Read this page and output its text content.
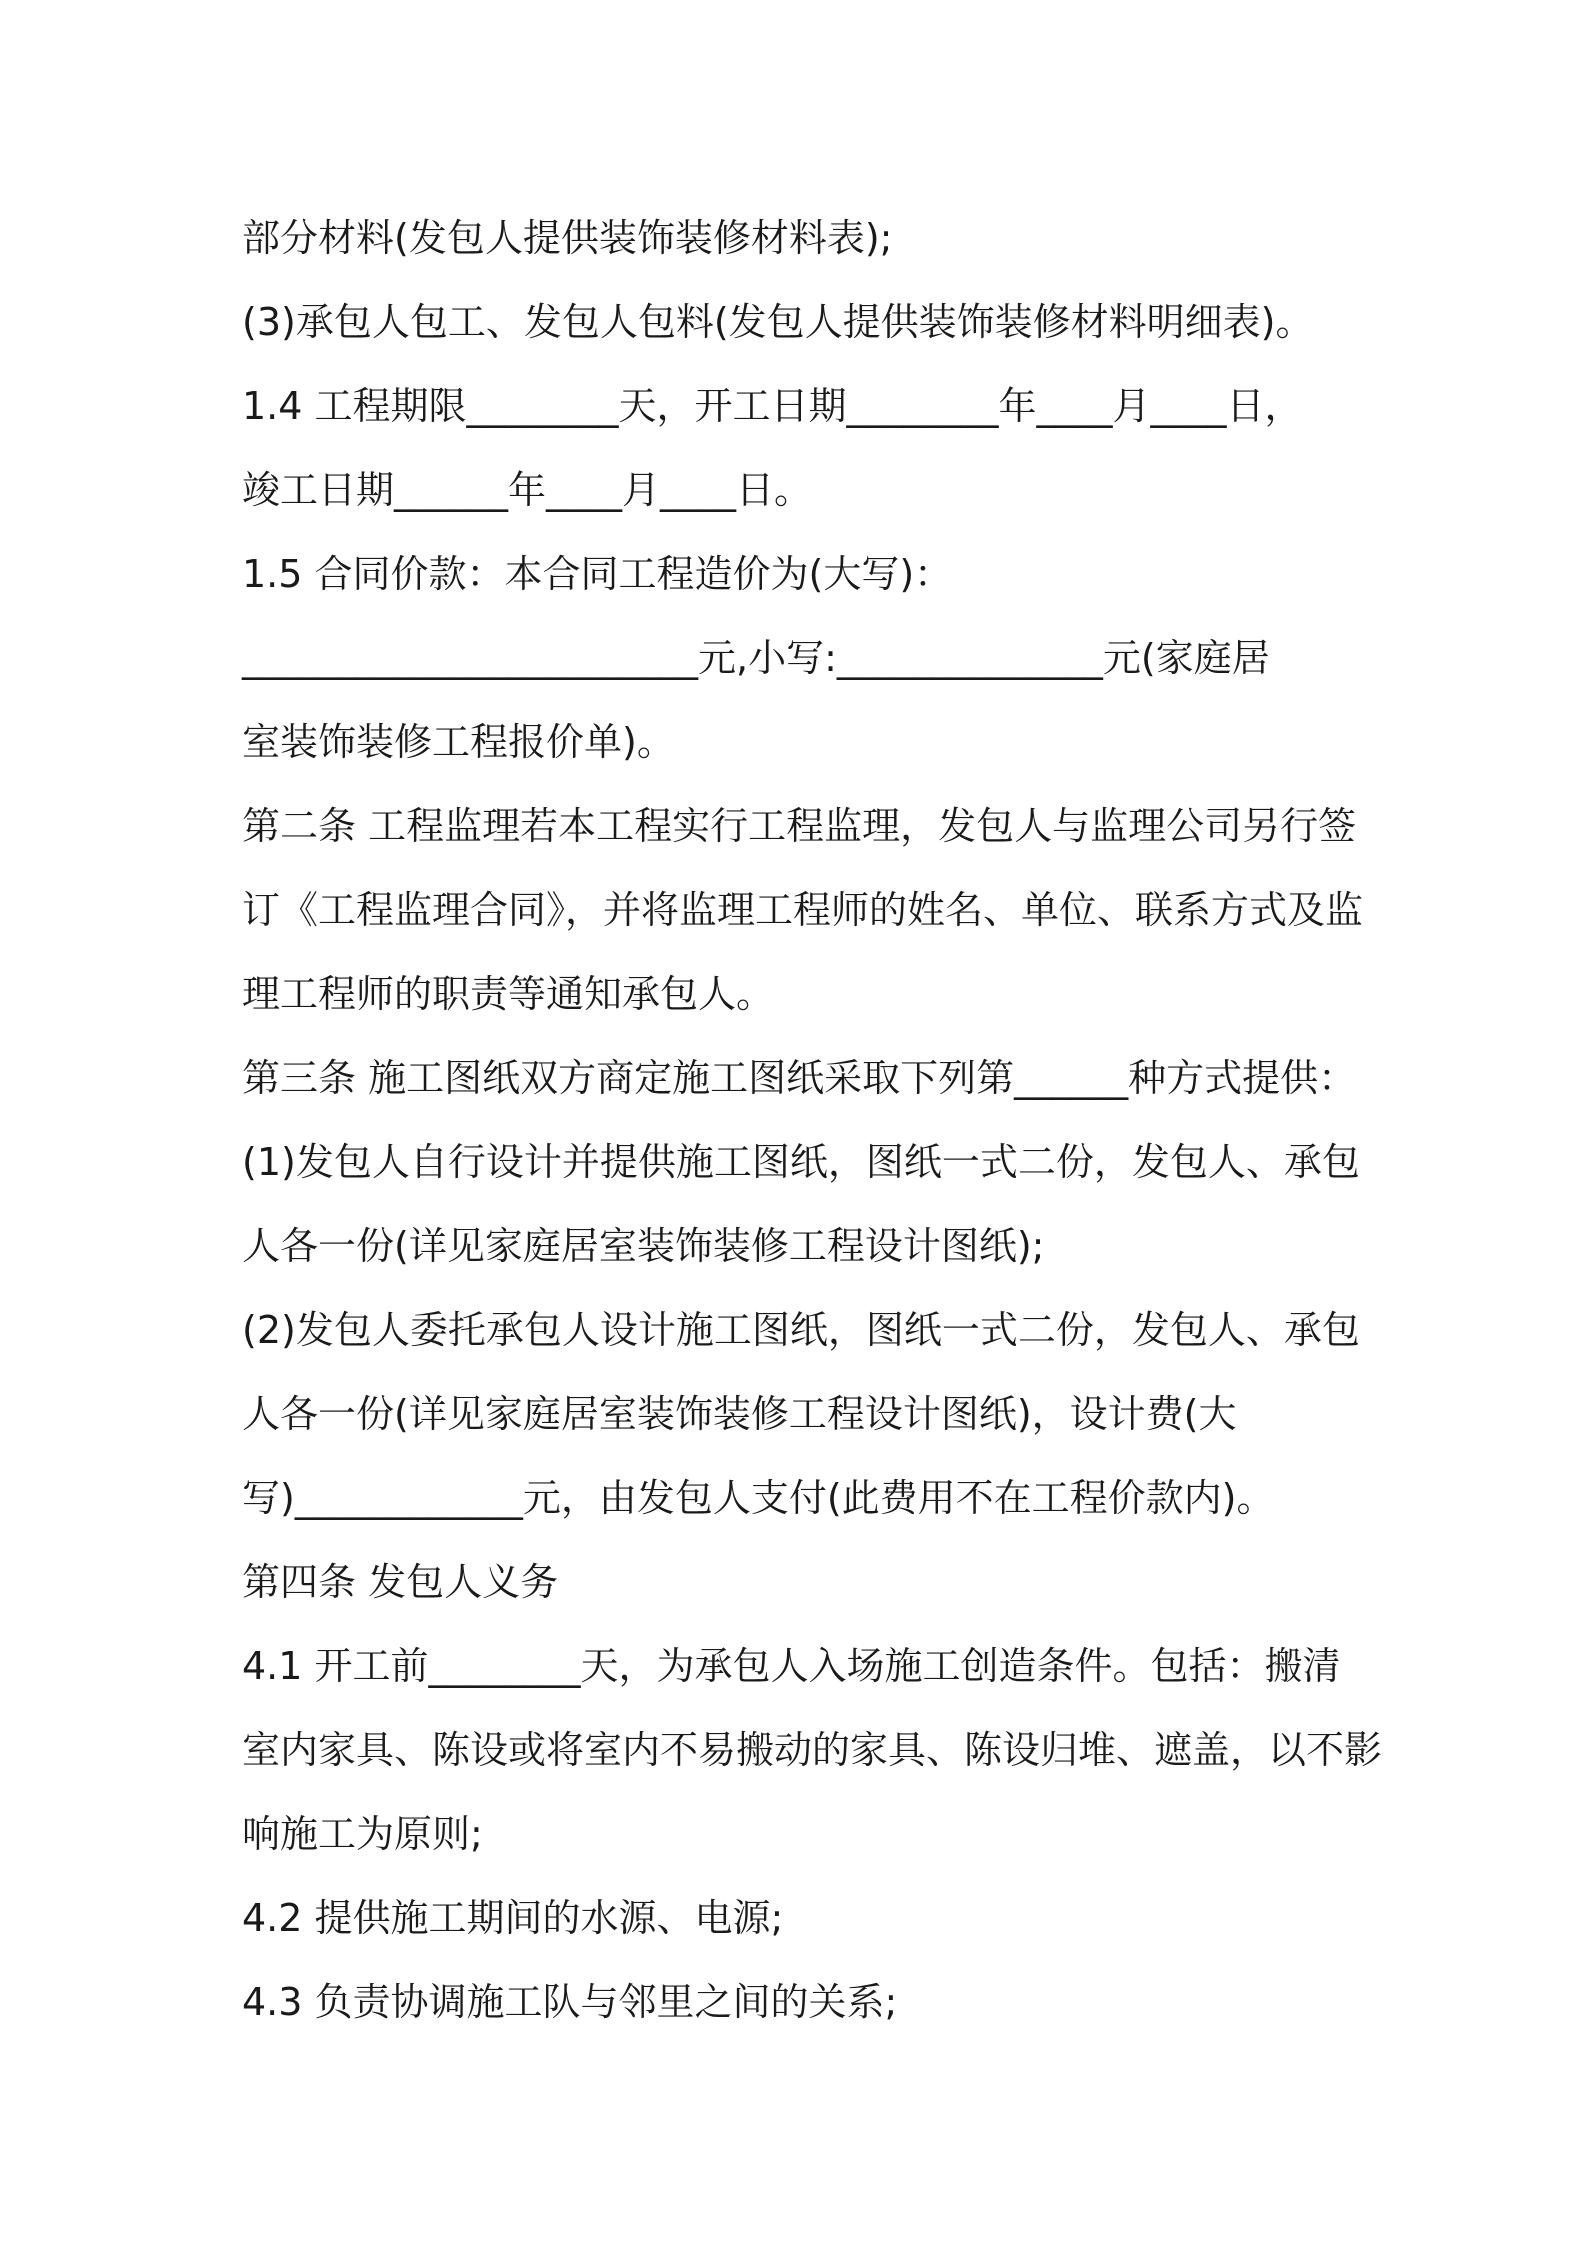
部分材料(发包人提供装饰装修材料表);
(3)承包人包工、发包人包料(发包人提供装饰装修材料明细表)。
1.4 工程期限________天，开工日期________年____月____日，
竣工日期______年____月____日。
1.5 合同价款：本合同工程造价为(大写)：
________________________元,小写:______________元(家庭居
室装饰装修工程报价单)。
第二条 工程监理若本工程实行工程监理，发包人与监理公司另行签
订《工程监理合同》，并将监理工程师的姓名、单位、联系方式及监
理工程师的职责等通知承包人。
第三条 施工图纸双方商定施工图纸采取下列第______种方式提供：
(1)发包人自行设计并提供施工图纸，图纸一式二份，发包人、承包
人各一份(详见家庭居室装饰装修工程设计图纸);
(2)发包人委托承包人设计施工图纸，图纸一式二份，发包人、承包
人各一份(详见家庭居室装饰装修工程设计图纸)，设计费(大
写)____________元，由发包人支付(此费用不在工程价款内)。
第四条 发包人义务
4.1 开工前________天，为承包人入场施工创造条件。包括：搬清
室内家具、陈设或将室内不易搬动的家具、陈设归堆、遮盖，以不影
响施工为原则;
4.2 提供施工期间的水源、电源;
4.3 负责协调施工队与邻里之间的关系;
